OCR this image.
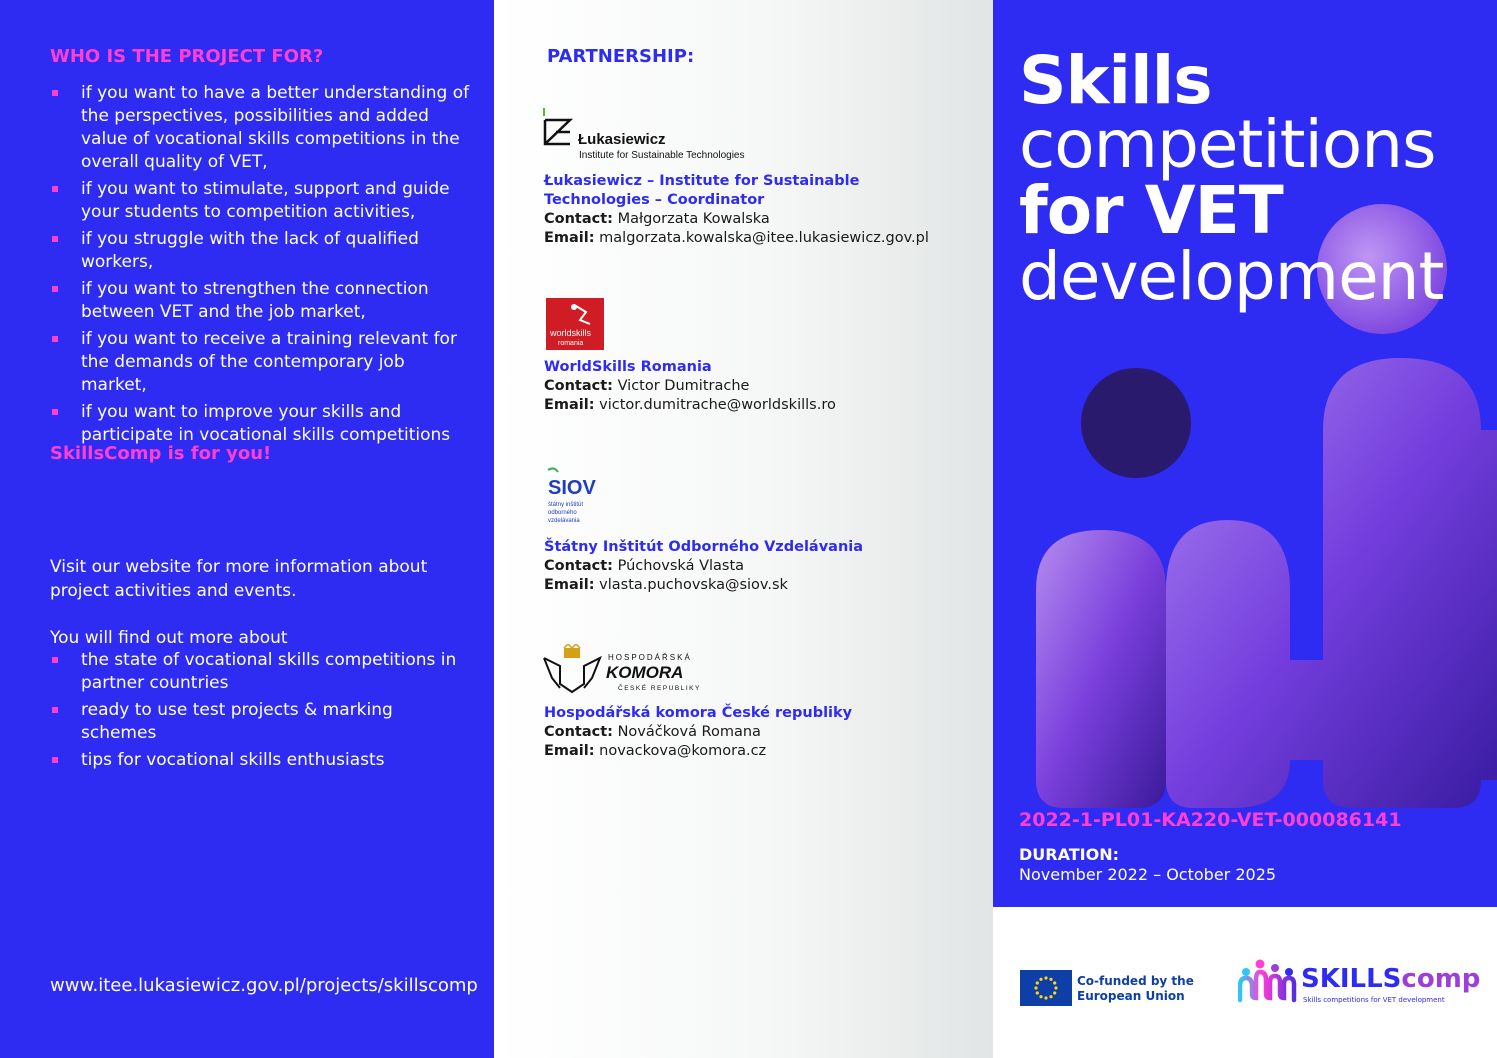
WHO IS THE PROJECT FOR?
if you want to have a better understanding of the perspectives, possibilities and added value of vocational skills competitions in the overall quality of VET,
if you want to stimulate, support and guide your students to competition activities,
if you struggle with the lack of qualified workers,
if you want to strengthen the connection between VET and the job market,
if you want to receive a training relevant for the demands of the contemporary job market,
if you want to improve your skills and participate in vocational skills competitions
SkillsComp is for you!
Visit our website for more information about project activities and events.
You will find out more about
the state of vocational skills competitions in partner countries
ready to use test projects & marking schemes
tips for vocational skills enthusiasts
www.itee.lukasiewicz.gov.pl/projects/skillscomp
PARTNERSHIP:
Łukasiewicz
Institute for Sustainable Technologies
Łukasiewicz – Institute for Sustainable Technologies – Coordinator
Contact: Małgorzata Kowalska
Email: malgorzata.kowalska@itee.lukasiewicz.gov.pl
worldskills
romania
WorldSkills Romania
Contact: Victor Dumitrache
Email: victor.dumitrache@worldskills.ro
SIOV
štátny inštitút
odborného
vzdelávania
Štátny Inštitút Odborného Vzdelávania
Contact: Púchovská Vlasta
Email: vlasta.puchovska@siov.sk
HOSPODÁŘSKÁ
KOMORA
ČESKÉ REPUBLIKY
Hospodářská komora České republiky
Contact: Nováčková Romana
Email: novackova@komora.cz
Skills
competitions
for VET
development
2022-1-PL01-KA220-VET-000086141
DURATION:
November 2022 – October 2025
Co-funded by the European Union
SKILLScomp
Skills competitions for VET development
